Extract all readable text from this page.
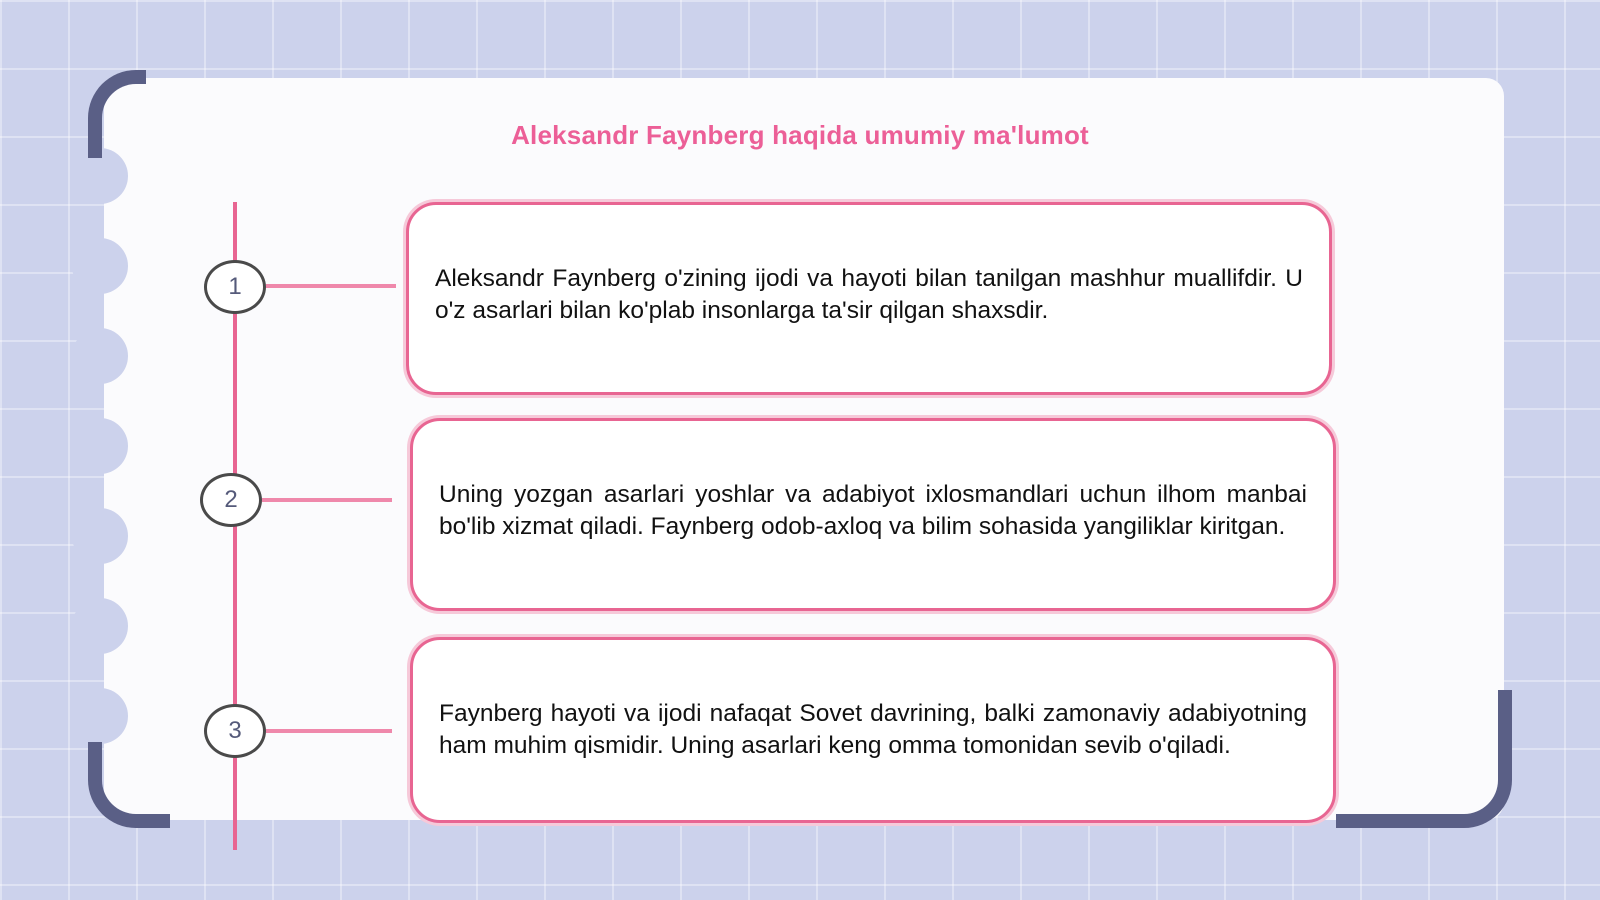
Aleksandr Faynberg haqida umumiy ma'lumot
1
2
3

Aleksandr Faynberg o'zining ijodi va hayoti bilan tanilgan mashhur muallifdir. U o'z asarlari bilan ko'plab insonlarga ta'sir qilgan shaxsdir.

Uning yozgan asarlari yoshlar va adabiyot ixlosmandlari uchun ilhom manbai bo'lib xizmat qiladi. Faynberg odob-axloq va bilim sohasida yangiliklar kiritgan.

Faynberg hayoti va ijodi nafaqat Sovet davrining, balki zamonaviy adabiyotning ham muhim qismidir. Uning asarlari keng omma tomonidan sevib o'qiladi.
